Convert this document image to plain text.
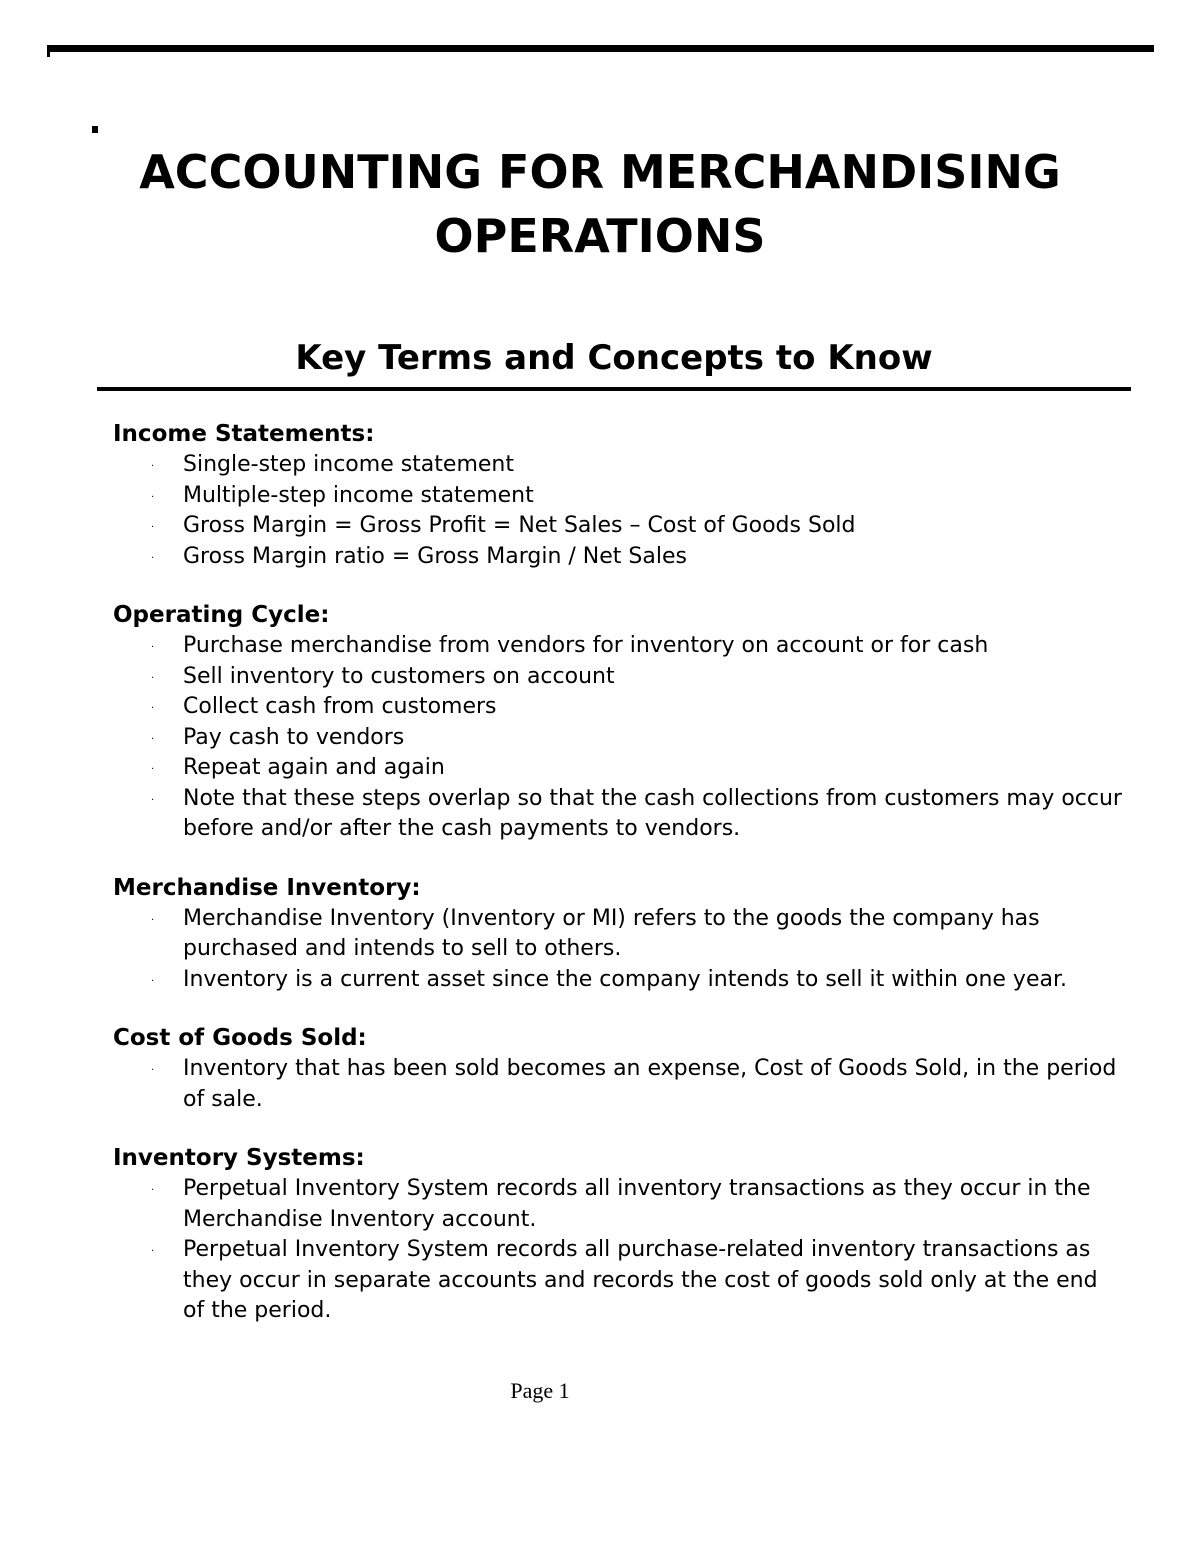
ACCOUNTING FOR MERCHANDISING
OPERATIONS
Key Terms and Concepts to Know

Income Statements:

· Single-step income statement
· Multiple-step income statement
· Gross Margin = Gross Profit = Net Sales – Cost of Goods Sold
· Gross Margin ratio = Gross Margin / Net Sales

Operating Cycle:

· Purchase merchandise from vendors for inventory on account or for cash
· Sell inventory to customers on account
· Collect cash from customers
· Pay cash to vendors
· Repeat again and again
· Note that these steps overlap so that the cash collections from customers may occur before and/or after the cash payments to vendors.

Merchandise Inventory:

· Merchandise Inventory (Inventory or MI) refers to the goods the company has purchased and intends to sell to others.
· Inventory is a current asset since the company intends to sell it within one year.

Cost of Goods Sold:

· Inventory that has been sold becomes an expense, Cost of Goods Sold, in the period of sale.

Inventory Systems:

· Perpetual Inventory System records all inventory transactions as they occur in the Merchandise Inventory account.
· Perpetual Inventory System records all purchase-related inventory transactions as they occur in separate accounts and records the cost of goods sold only at the end of the period.
Page 1
